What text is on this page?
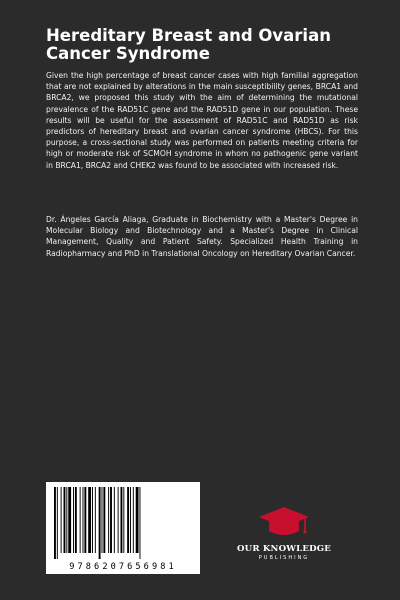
Hereditary Breast and Ovarian Cancer Syndrome

Given the high percentage of breast cancer cases with high familial aggregation that are not explained by alterations in the main susceptibility genes, BRCA1 and BRCA2, we proposed this study with the aim of determining the mutational prevalence of the RAD51C gene and the RAD51D gene in our population. These results will be useful for the assessment of RAD51C and RAD51D as risk predictors of hereditary breast and ovarian cancer syndrome (HBCS). For this purpose, a cross-sectional study was performed on patients meeting criteria for high or moderate risk of SCMOH syndrome in whom no pathogenic gene variant in BRCA1, BRCA2 and CHEK2 was found to be associated with increased risk.

Dr. Ángeles García Aliaga, Graduate in Biochemistry with a Master's Degree in Molecular Biology and Biotechnology and a Master's Degree in Clinical Management, Quality and Patient Safety. Specialized Health Training in Radiopharmacy and PhD in Translational Oncology on Hereditary Ovarian Cancer.

9786207656981
OUR KNOWLEDGE
PUBLISHING
